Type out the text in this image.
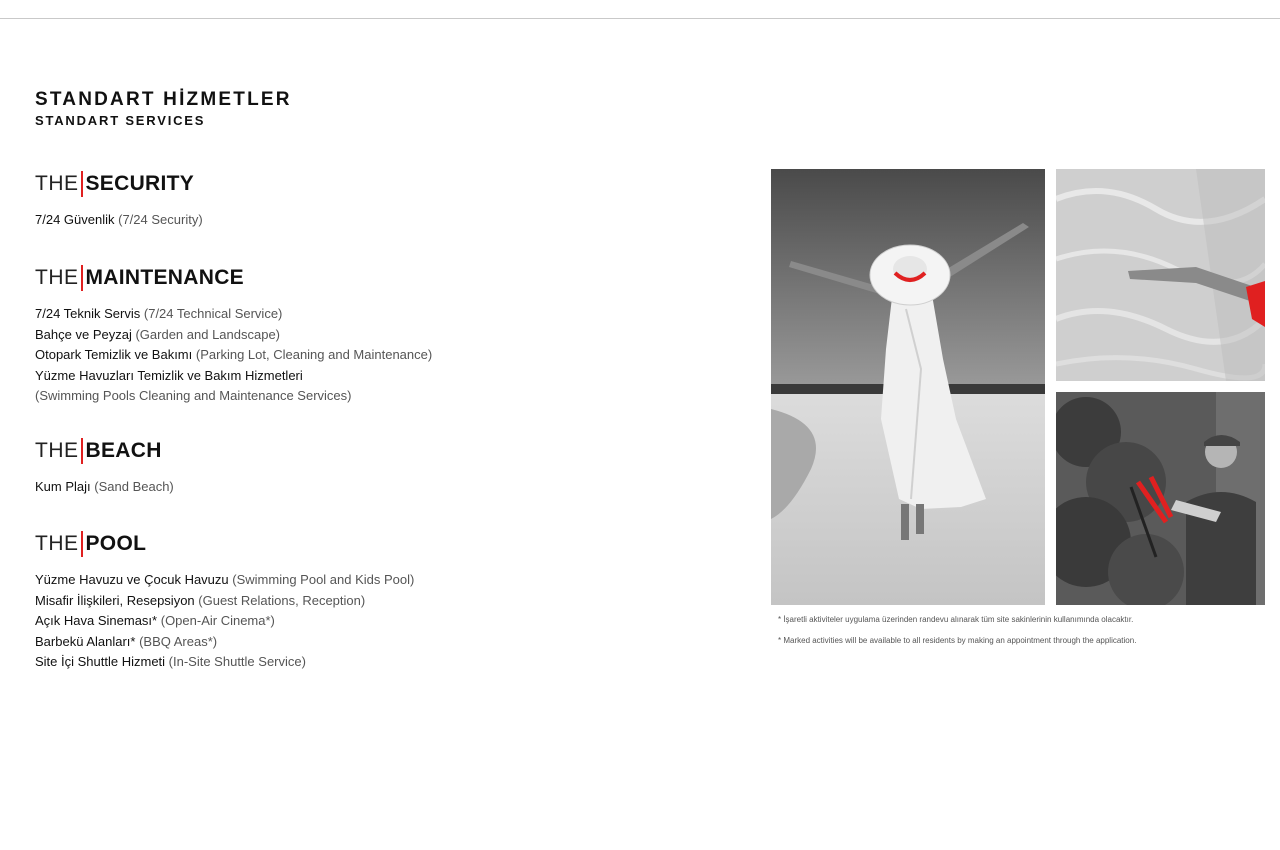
STANDART HİZMETLER
STANDART SERVICES
THE SECURITY
7/24 Güvenlik (7/24 Security)
THE MAINTENANCE
7/24 Teknik Servis (7/24 Technical Service)
Bahçe ve Peyzaj (Garden and Landscape)
Otopark Temizlik ve Bakımı (Parking Lot, Cleaning and Maintenance)
Yüzme Havuzları Temizlik ve Bakım Hizmetleri
(Swimming Pools Cleaning and Maintenance Services)
THE BEACH
Kum Plajı (Sand Beach)
THE POOL
Yüzme Havuzu ve Çocuk Havuzu (Swimming Pool and Kids Pool)
Misafir İlişkileri, Resepsiyon (Guest Relations, Reception)
Açık Hava Sineması* (Open-Air Cinema*)
Barbekü Alanları* (BBQ Areas*)
Site İçi Shuttle Hizmeti (In-Site Shuttle Service)
* İşaretli aktiviteler uygulama üzerinden randevu alınarak tüm site sakinlerinin kullanımında olacaktır.
* Marked activities will be available to all residents by making an appointment through the application.
